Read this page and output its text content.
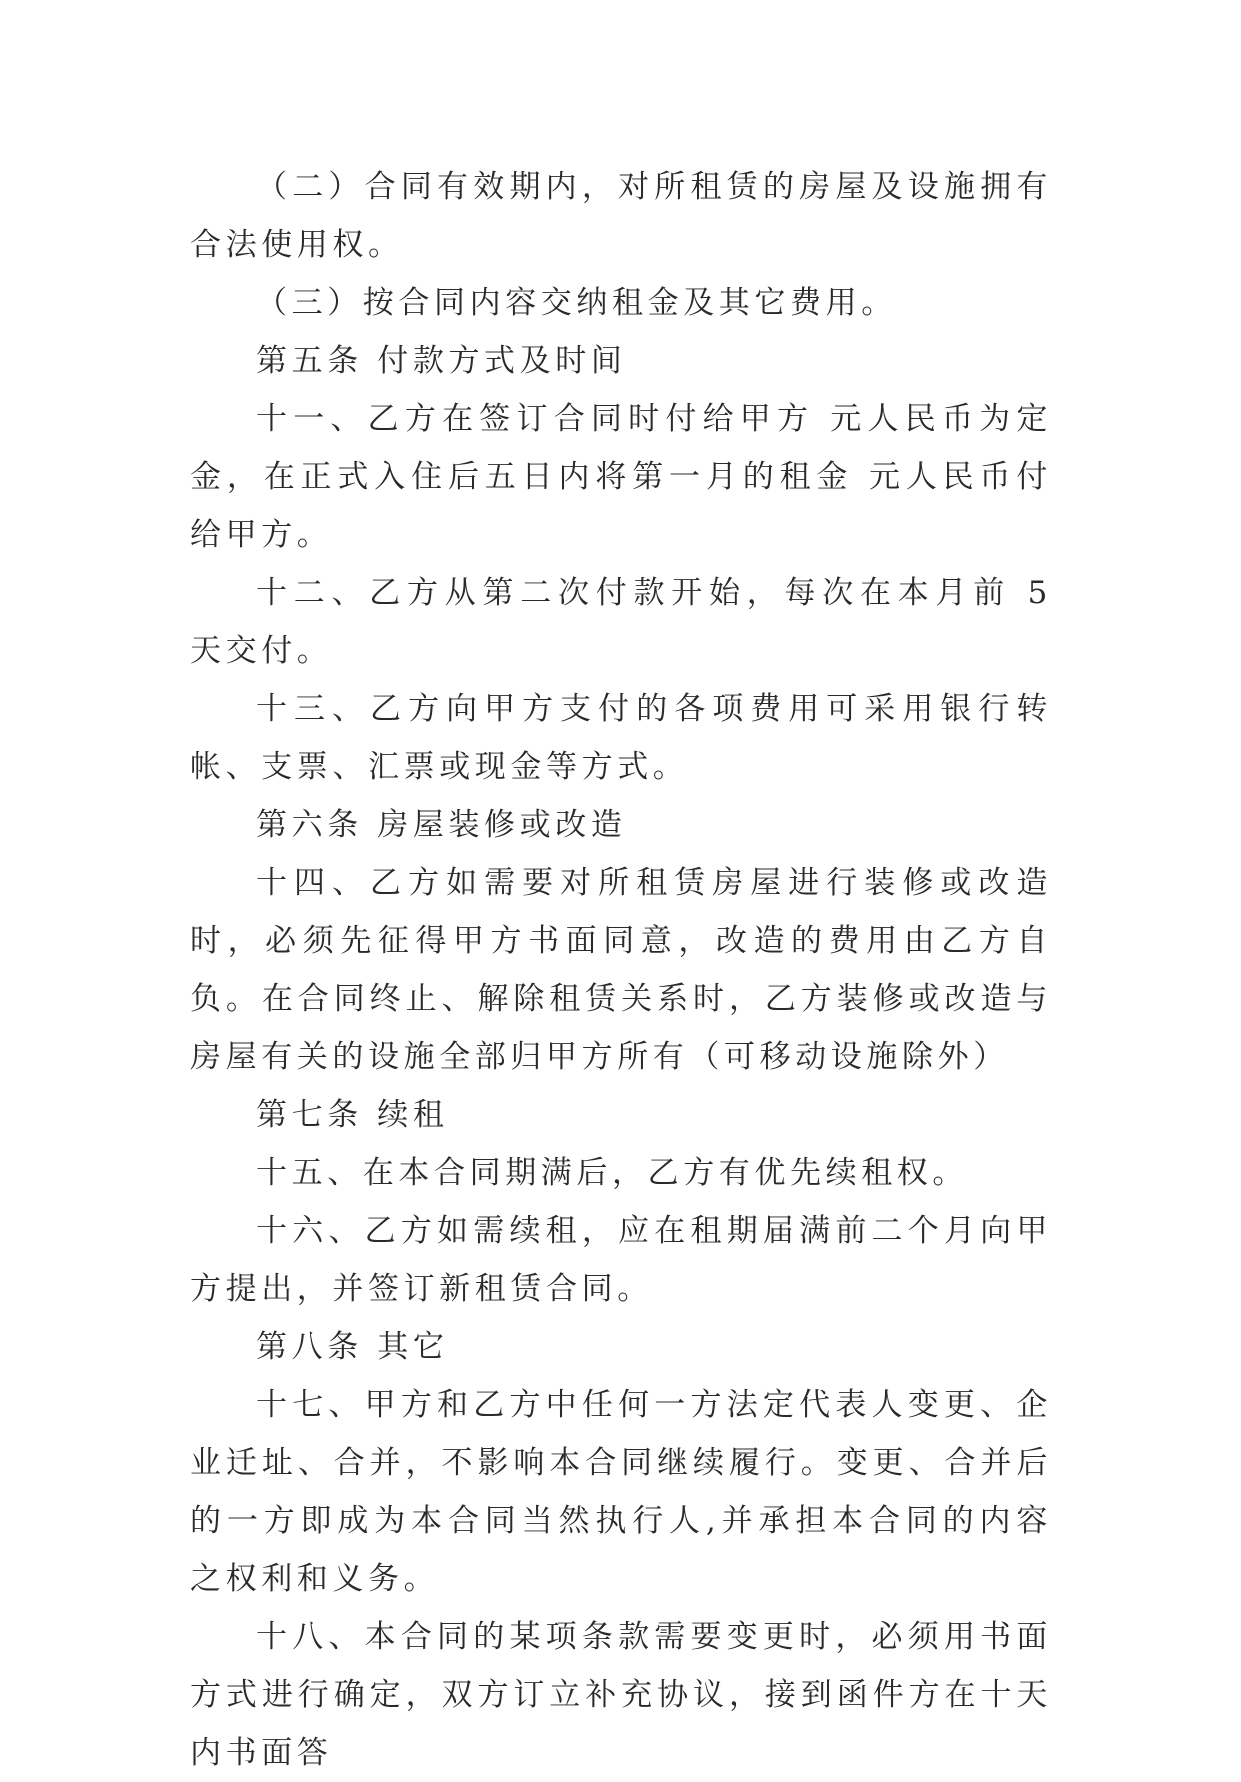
（二）合同有效期内，对所租赁的房屋及设施拥有合法使用权。

（三）按合同内容交纳租金及其它费用。

第五条 付款方式及时间

十一、乙方在签订合同时付给甲方 元人民币为定金，在正式入住后五日内将第一月的租金 元人民币付给甲方。

十二、乙方从第二次付款开始，每次在本月前 5 天交付。

十三、乙方向甲方支付的各项费用可采用银行转帐、支票、汇票或现金等方式。

第六条 房屋装修或改造

十四、乙方如需要对所租赁房屋进行装修或改造时，必须先征得甲方书面同意，改造的费用由乙方自负。在合同终止、解除租赁关系时，乙方装修或改造与房屋有关的设施全部归甲方所有（可移动设施除外）

第七条 续租

十五、在本合同期满后，乙方有优先续租权。

十六、乙方如需续租，应在租期届满前二个月向甲方提出，并签订新租赁合同。

第八条 其它

十七、甲方和乙方中任何一方法定代表人变更、企业迁址、合并，不影响本合同继续履行。变更、合并后的一方即成为本合同当然执行人,并承担本合同的内容之权利和义务。

十八、本合同的某项条款需要变更时，必须用书面方式进行确定，双方订立补充协议，接到函件方在十天内书面答
